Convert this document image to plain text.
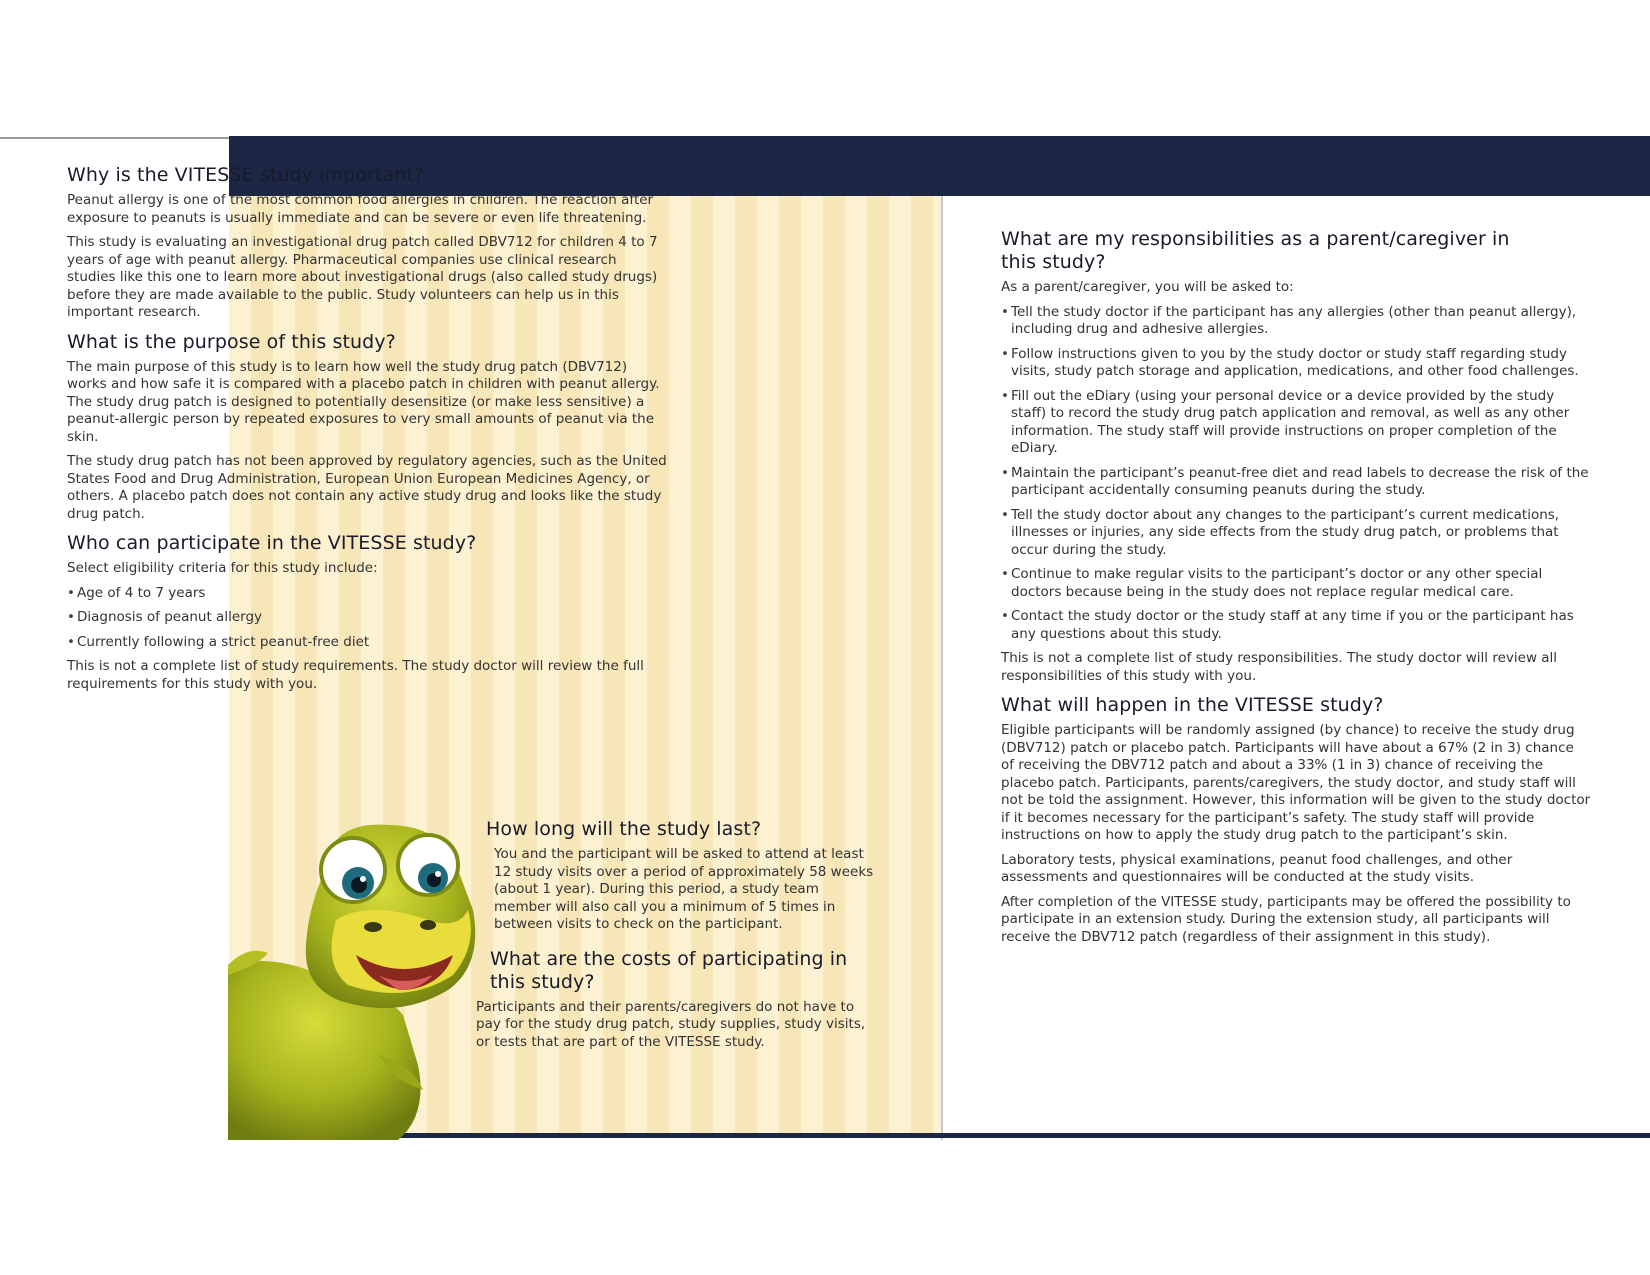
Why is the VITESSE study important?

Peanut allergy is one of the most common food allergies in children. The reaction after exposure to peanuts is usually immediate and can be severe or even life threatening.

This study is evaluating an investigational drug patch called DBV712 for children 4 to 7 years of age with peanut allergy. Pharmaceutical companies use clinical research studies like this one to learn more about investigational drugs (also called study drugs) before they are made available to the public. Study volunteers can help us in this important research.

What is the purpose of this study?

The main purpose of this study is to learn how well the study drug patch (DBV712) works and how safe it is compared with a placebo patch in children with peanut allergy. The study drug patch is designed to potentially desensitize (or make less sensitive) a peanut-allergic person by repeated exposures to very small amounts of peanut via the skin.

The study drug patch has not been approved by regulatory agencies, such as the United States Food and Drug Administration, European Union European Medicines Agency, or others. A placebo patch does not contain any active study drug and looks like the study drug patch.

Who can participate in the VITESSE study?

Select eligibility criteria for this study include:

• Age of 4 to 7 years
• Diagnosis of peanut allergy
• Currently following a strict peanut-free diet

This is not a complete list of study requirements. The study doctor will review the full requirements for this study with you.

How long will the study last?

You and the participant will be asked to attend at least 12 study visits over a period of approximately 58 weeks (about 1 year). During this period, a study team member will also call you a minimum of 5 times in between visits to check on the participant.

What are the costs of participating in this study?

Participants and their parents/caregivers do not have to pay for the study drug patch, study supplies, study visits, or tests that are part of the VITESSE study.

What are my responsibilities as a parent/caregiver in this study?

As a parent/caregiver, you will be asked to:

• Tell the study doctor if the participant has any allergies (other than peanut allergy), including drug and adhesive allergies.
• Follow instructions given to you by the study doctor or study staff regarding study visits, study patch storage and application, medications, and other food challenges.
• Fill out the eDiary (using your personal device or a device provided by the study staff) to record the study drug patch application and removal, as well as any other information. The study staff will provide instructions on proper completion of the eDiary.
• Maintain the participant’s peanut-free diet and read labels to decrease the risk of the participant accidentally consuming peanuts during the study.
• Tell the study doctor about any changes to the participant’s current medications, illnesses or injuries, any side effects from the study drug patch, or problems that occur during the study.
• Continue to make regular visits to the participant’s doctor or any other special doctors because being in the study does not replace regular medical care.
• Contact the study doctor or the study staff at any time if you or the participant has any questions about this study.

This is not a complete list of study responsibilities. The study doctor will review all responsibilities of this study with you.

What will happen in the VITESSE study?

Eligible participants will be randomly assigned (by chance) to receive the study drug (DBV712) patch or placebo patch. Participants will have about a 67% (2 in 3) chance of receiving the DBV712 patch and about a 33% (1 in 3) chance of receiving the placebo patch. Participants, parents/caregivers, the study doctor, and study staff will not be told the assignment. However, this information will be given to the study doctor if it becomes necessary for the participant’s safety. The study staff will provide instructions on how to apply the study drug patch to the participant’s skin.

Laboratory tests, physical examinations, peanut food challenges, and other assessments and questionnaires will be conducted at the study visits.

After completion of the VITESSE study, participants may be offered the possibility to participate in an extension study. During the extension study, all participants will receive the DBV712 patch (regardless of their assignment in this study).
